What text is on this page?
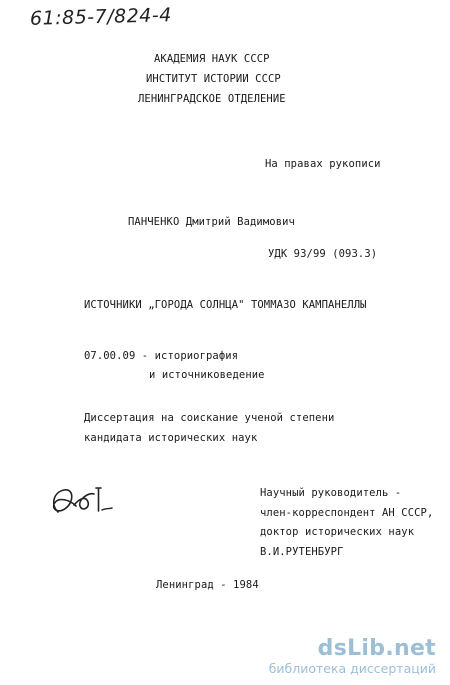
61:85-7/824-4
АКАДЕМИЯ НАУК СССР
ИНСТИТУТ ИСТОРИИ СССР
ЛЕНИНГРАДСКОЕ ОТДЕЛЕНИЕ
На правах рукописи
ПАНЧЕНКО Дмитрий Вадимович
УДК 93/99 (093.3)
ИСТОЧНИКИ „ГОРОДА СОЛНЦА" ТОММАЗО КАМПАНЕЛЛЫ
07.00.09 - историография
и источниковедение
Диссертация на соискание ученой степени
кандидата исторических наук
Научный руководитель -
член-корреспондент АН СССР,
доктор исторических наук
В.И.РУТЕНБУРГ
Ленинград - 1984
dsLib.net
библиотека диссертаций
